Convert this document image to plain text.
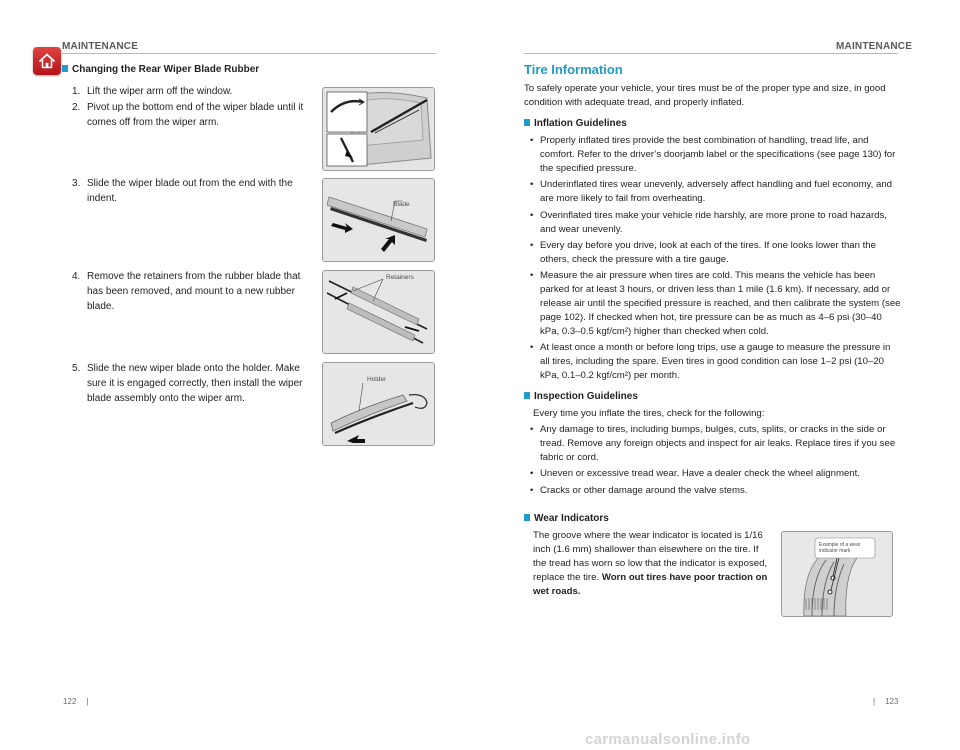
MAINTENANCE
Changing the Rear Wiper Blade Rubber
1. Lift the wiper arm off the window.
2. Pivot up the bottom end of the wiper blade until it comes off from the wiper arm.
3. Slide the wiper blade out from the end with the indent.
4. Remove the retainers from the rubber blade that has been removed, and mount to a new rubber blade.
5. Slide the new wiper blade onto the holder. Make sure it is engaged correctly, then install the wiper blade assembly onto the wiper arm.
Blade
Retainers
Holder
122 |
MAINTENANCE
Tire Information
To safely operate your vehicle, your tires must be of the proper type and size, in good condition with adequate tread, and properly inflated.
Inflation Guidelines
• Properly inflated tires provide the best combination of handling, tread life, and comfort. Refer to the driver’s doorjamb label or the specifications (see page 130) for the specified pressure.
• Underinflated tires wear unevenly, adversely affect handling and fuel economy, and are more likely to fail from overheating.
• Overinflated tires make your vehicle ride harshly, are more prone to road hazards, and wear unevenly.
• Every day before you drive, look at each of the tires. If one looks lower than the others, check the pressure with a tire gauge.
• Measure the air pressure when tires are cold. This means the vehicle has been parked for at least 3 hours, or driven less than 1 mile (1.6 km). If necessary, add or release air until the specified pressure is reached, and then calibrate the system (see page 102). If checked when hot, tire pressure can be as much as 4–6 psi (30–40 kPa, 0.3–0.5 kgf/cm²) higher than checked when cold.
• At least once a month or before long trips, use a gauge to measure the pressure in all tires, including the spare. Even tires in good condition can lose 1–2 psi (10–20 kPa, 0.1–0.2 kgf/cm²) per month.
Inspection Guidelines
Every time you inflate the tires, check for the following:
• Any damage to tires, including bumps, bulges, cuts, splits, or cracks in the side or tread. Remove any foreign objects and inspect for air leaks. Replace tires if you see fabric or cord.
• Uneven or excessive tread wear. Have a dealer check the wheel alignment.
• Cracks or other damage around the valve stems.
Wear Indicators
The groove where the wear indicator is located is 1/16 inch (1.6 mm) shallower than elsewhere on the tire. If the tread has worn so low that the indicator is exposed, replace the tire. Worn out tires have poor traction on wet roads.
Example of a wear indicator mark
| 123
carmanualsonline.info
